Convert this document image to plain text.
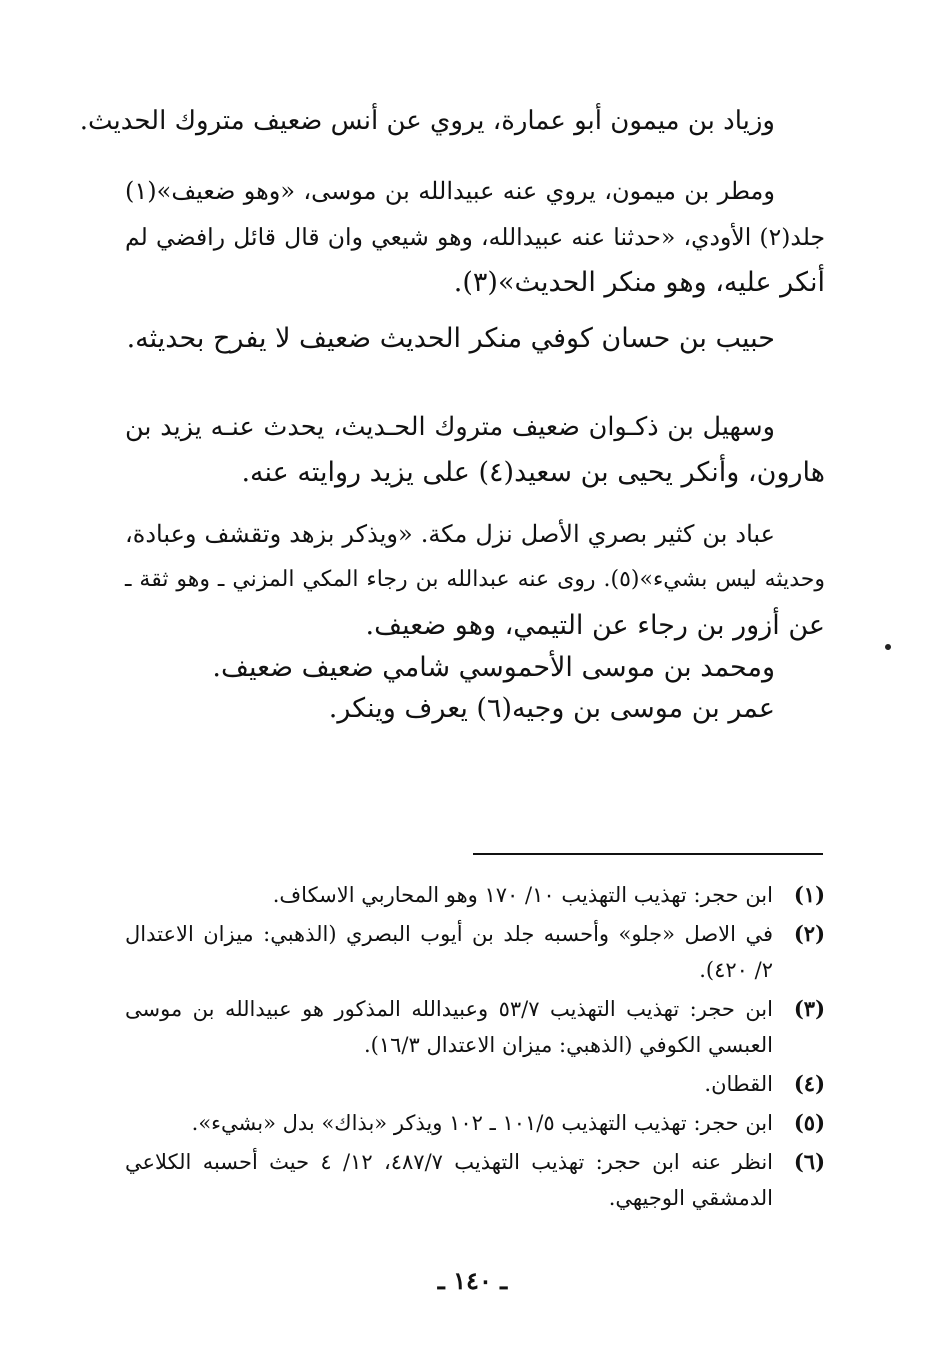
وزياد بن ميمون أبو عمارة، يروي عن أنس ضعيف متروك الحديث.
ومطر بن ميمون، يروي عنه عبيدالله بن موسى، «وهو ضعيف»(١)
جلد(٢) الأودي، «حدثنا عنه عبيدالله، وهو شيعي وان قال قائل رافضي لم
أنكر عليه، وهو منكر الحديث»(٣).
حبيب بن حسان كوفي منكر الحديث ضعيف لا يفرح بحديثه.
وسهيل بن ذكـوان ضعيف متروك الحـديث، يحدث عنـه يزيد بن
هارون، وأنكر يحيى بن سعيد(٤) على يزيد روايته عنه.
عباد بن كثير بصري الأصل نزل مكة. «ويذكر بزهد وتقشف وعبادة،
وحديثه ليس بشيء»(٥). روى عنه عبدالله بن رجاء المكي المزني ـ وهو ثقة ـ
عن أزور بن رجاء عن التيمي، وهو ضعيف.
ومحمد بن موسى الأحموسي شامي ضعيف ضعيف.
عمر بن موسى بن وجيه(٦) يعرف وينكر.
(١)
ابن حجر: تهذيب التهذيب ١٠/ ١٧٠ وهو المحاربي الاسكاف.
(٢)
في الاصل «جلو» وأحسبه جلد بن أيوب البصري (الذهبي: ميزان الاعتدال
٢/ ٤٢٠).
(٣)
ابن حجر: تهذيب التهذيب ٥٣/٧ وعبيدالله المذكور هو عبيدالله بن موسى
العبسي الكوفي (الذهبي: ميزان الاعتدال ١٦/٣).
(٤)
القطان.
(٥)
ابن حجر: تهذيب التهذيب ١٠١/٥ ـ ١٠٢ ويذكر «بذاك» بدل «بشيء».
(٦)
انظر عنه ابن حجر: تهذيب التهذيب ٤٨٧/٧، ١٢/ ٤ حيث أحسبه الكلاعي
الدمشقي الوجيهي.
ـ ١٤٠ ـ
